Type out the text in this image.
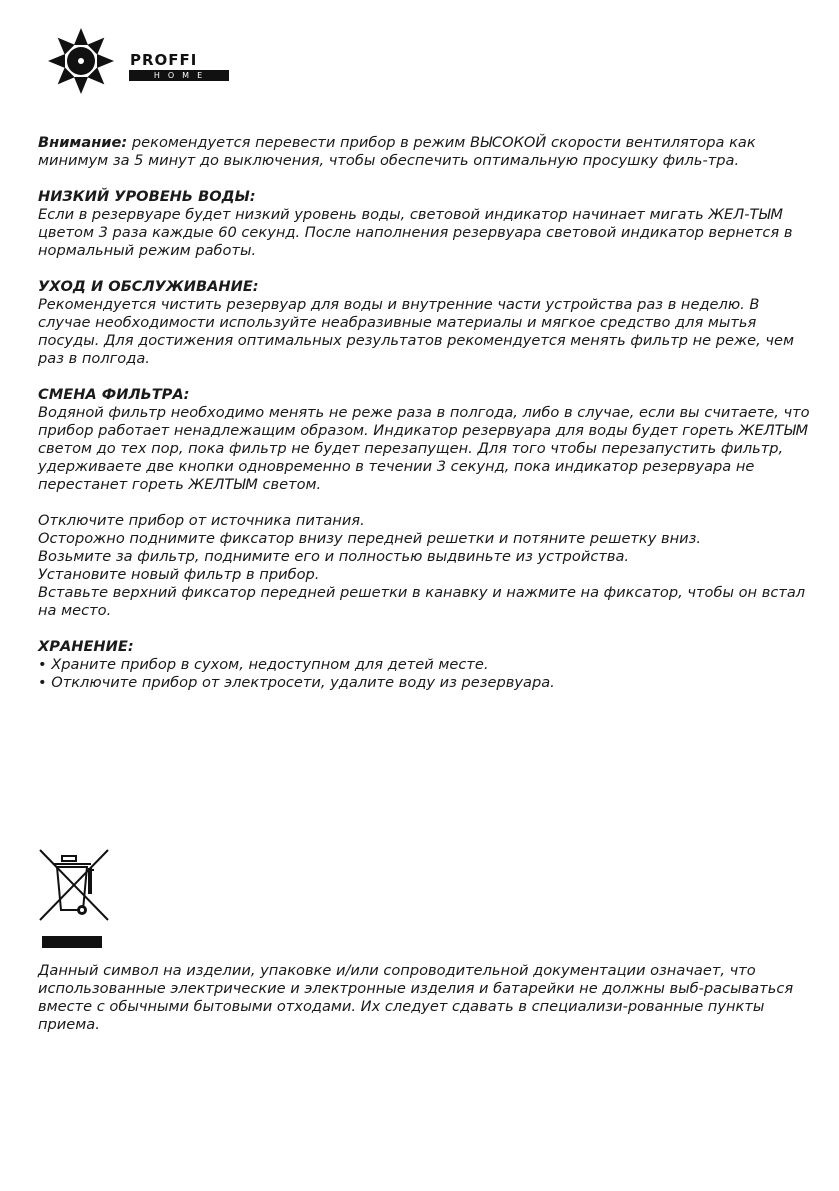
PROFFI
HOME

Внимание: рекомендуется перевести прибор в режим ВЫСОКОЙ скорости вентилятора как минимум за 5 минут до выключения, чтобы обеспечить оптимальную просушку филь-тра.

НИЗКИЙ УРОВЕНЬ ВОДЫ:

Если в резервуаре будет низкий уровень воды, световой индикатор начинает мигать ЖЕЛ-ТЫМ цветом 3 раза каждые 60 секунд. После наполнения резервуара световой индикатор вернется в нормальный режим работы.

УХОД И ОБСЛУЖИВАНИЕ:

Рекомендуется чистить резервуар для воды и внутренние части устройства раз в неделю. В случае необходимости используйте неабразивные материалы и мягкое средство для мытья посуды. Для достижения оптимальных результатов рекомендуется менять фильтр не реже, чем раз в полгода.

СМЕНА ФИЛЬТРА:

Водяной фильтр необходимо менять не реже раза в полгода, либо в случае, если вы считаете, что прибор работает ненадлежащим образом. Индикатор резервуара для воды будет гореть ЖЕЛТЫМ светом до тех пор, пока фильтр не будет перезапущен. Для того чтобы перезапустить фильтр, удерживаете две кнопки одновременно в течении 3 секунд, пока индикатор резервуара не перестанет гореть ЖЕЛТЫМ светом.

Отключите прибор от источника питания.

Осторожно поднимите фиксатор внизу передней решетки и потяните решетку вниз.

Возьмите за фильтр, поднимите его и полностью выдвиньте из устройства.

Установите новый фильтр в прибор.

Вставьте верхний фиксатор передней решетки в канавку и нажмите на фиксатор, чтобы он встал на место.

ХРАНЕНИЕ:

• Храните прибор в сухом, недоступном для детей месте.

• Отключите прибор от электросети, удалите воду из резервуара.

Данный символ на изделии, упаковке и/или сопроводительной документации означает, что использованные электрические и электронные изделия и батарейки не должны выб-расываться вместе с обычными бытовыми отходами. Их следует сдавать в специализи-рованные пункты приема.
